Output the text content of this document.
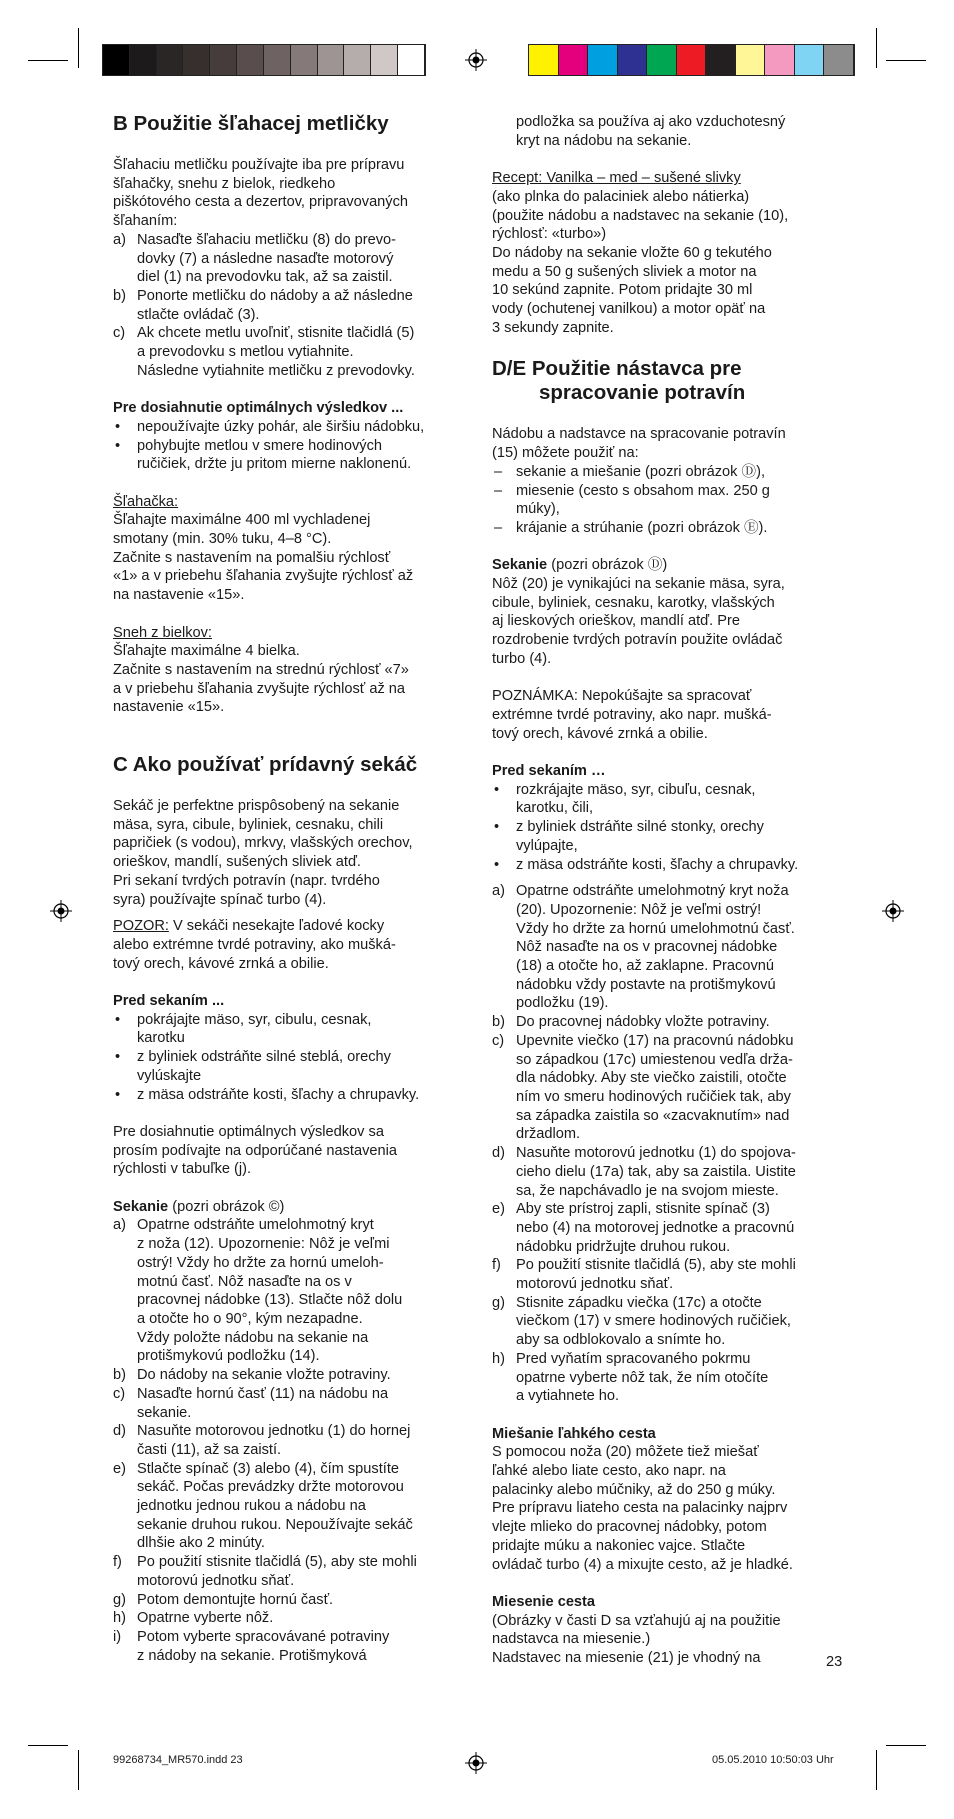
B Použitie šľahacej metličky

Šľahaciu metličku používajte iba pre prípravu

šľahačky, snehu z bielok, riedkeho

piškótového cesta a dezertov, pripravovaných

šľahaním:

a) Nasaďte šľahaciu metličku (8) do prevo-

dovky (7) a následne nasaďte motorový

diel (1) na prevodovku tak, až sa zaistil.

b) Ponorte metličku do nádoby a až následne

stlačte ovládač (3).

c) Ak chcete metlu uvoľniť, stisnite tlačidlá (5)

a prevodovku s metlou vytiahnite.

Následne vytiahnite metličku z prevodovky.

Pre dosiahnutie optimálnych výsledkov ...

• nepoužívajte úzky pohár, ale širšiu nádobku,

• pohybujte metlou v smere hodinových

ručičiek, držte ju pritom mierne naklonenú.

Šľahačka:

Šľahajte maximálne 400 ml vychladenej

smotany (min. 30% tuku, 4–8 °C).

Začnite s nastavením na pomalšiu rýchlosť

«1» a v priebehu šľahania zvyšujte rýchlosť až

na nastavenie «15».

Sneh z bielkov:

Šľahajte maximálne 4 bielka.

Začnite s nastavením na strednú rýchlosť «7»

a v priebehu šľahania zvyšujte rýchlosť až na

nastavenie «15».

C Ako používať prídavný sekáč

Sekáč je perfektne prispôsobený na sekanie

mäsa, syra, cibule, byliniek, cesnaku, chili

papričiek (s vodou), mrkvy, vlašských orechov,

orieškov, mandlí, sušených sliviek atď.

Pri sekaní tvrdých potravín (napr. tvrdého

syra) používajte spínač turbo (4).

POZOR: V sekáči nesekajte ľadové kocky

alebo extrémne tvrdé potraviny, ako mušká-

tový orech, kávové zrnká a obilie.

Pred sekaním ...

• pokrájajte mäso, syr, cibulu, cesnak,

karotku

• z byliniek odstráňte silné steblá, orechy

vylúskajte

• z mäsa odstráňte kosti, šľachy a chrupavky.

Pre dosiahnutie optimálnych výsledkov sa

prosím podívajte na odporúčané nastavenia

rýchlosti v tabuľke (j).

Sekanie (pozri obrázok ©)

a) Opatrne odstráňte umelohmotný kryt

z noža (12). Upozornenie: Nôž je veľmi

ostrý! Vždy ho držte za hornú umeloh-

motnú časť. Nôž nasaďte na os v

pracovnej nádobke (13). Stlačte nôž dolu

a otočte ho o 90°, kým nezapadne.

Vždy položte nádobu na sekanie na

protišmykovú podložku (14).

b) Do nádoby na sekanie vložte potraviny.

c) Nasaďte hornú časť (11) na nádobu na

sekanie.

d) Nasuňte motorovou jednotku (1) do hornej

časti (11), až sa zaistí.

e) Stlačte spínač (3) alebo (4), čím spustíte

sekáč. Počas prevádzky držte motorovou

jednotku jednou rukou a nádobu na

sekanie druhou rukou. Nepoužívajte sekáč

dlhšie ako 2 minúty.

f) Po použití stisnite tlačidlá (5), aby ste mohli

motorovú jednotku sňať.

g) Potom demontujte hornú časť.

h) Opatrne vyberte nôž.

i) Potom vyberte spracovávané potraviny

z nádoby na sekanie. Protišmyková

podložka sa používa aj ako vzduchotesný

kryt na nádobu na sekanie.

Recept: Vanilka – med – sušené slivky

(ako plnka do palaciniek alebo nátierka)

(použite nádobu a nadstavec na sekanie (10),

rýchlosť: «turbo»)

Do nádoby na sekanie vložte 60 g tekutého

medu a 50 g sušených sliviek a motor na

10 sekúnd zapnite. Potom pridajte 30 ml

vody (ochutenej vanilkou) a motor opäť na

3 sekundy zapnite.

D/E Použitie nástavca pre
spracovanie potravín

Nádobu a nadstavce na spracovanie potravín

(15) môžete použiť na:

– sekanie a miešanie (pozri obrázok Ⓓ),

– miesenie (cesto s obsahom max. 250 g

múky),

– krájanie a strúhanie (pozri obrázok Ⓔ).

Sekanie (pozri obrázok Ⓓ)

Nôž (20) je vynikajúci na sekanie mäsa, syra,

cibule, byliniek, cesnaku, karotky, vlašských

aj lieskových orieškov, mandlí atď. Pre

rozdrobenie tvrdých potravín použite ovládač

turbo (4).

POZNÁMKA: Nepokúšajte sa spracovať

extrémne tvrdé potraviny, ako napr. mušká-

tový orech, kávové zrnká a obilie.

Pred sekaním …

• rozkrájajte mäso, syr, cibuľu, cesnak,

karotku, čili,

• z byliniek dstráňte silné stonky, orechy

vylúpajte,

• z mäsa odstráňte kosti, šľachy a chrupavky.

a) Opatrne odstráňte umelohmotný kryt noža

(20). Upozornenie: Nôž je veľmi ostrý!

Vždy ho držte za hornú umelohmotnú časť.

Nôž nasaďte na os v pracovnej nádobke

(18) a otočte ho, až zaklapne. Pracovnú

nádobku vždy postavte na protišmykovú

podložku (19).

b) Do pracovnej nádobky vložte potraviny.

c) Upevnite viečko (17) na pracovnú nádobku

so západkou (17c) umiestenou vedľa drža-

dla nádobky. Aby ste viečko zaistili, otočte

ním vo smeru hodinových ručičiek tak, aby

sa západka zaistila so «zacvaknutím» nad

držadlom.

d) Nasuňte motorovú jednotku (1) do spojova-

cieho dielu (17a) tak, aby sa zaistila. Uistite

sa, že napchávadlo je na svojom mieste.

e) Aby ste prístroj zapli, stisnite spínač (3)

nebo (4) na motorovej jednotke a pracovnú

nádobku pridržujte druhou rukou.

f) Po použití stisnite tlačidlá (5), aby ste mohli

motorovú jednotku sňať.

g) Stisnite západku viečka (17c) a otočte

viečkom (17) v smere hodinových ručičiek,

aby sa odblokovalo a snímte ho.

h) Pred vyňatím spracovaného pokrmu

opatrne vyberte nôž tak, že ním otočíte

a vytiahnete ho.

Miešanie ľahkého cesta

S pomocou noža (20) môžete tiež miešať

ľahké alebo liate cesto, ako napr. na

palacinky alebo múčniky, až do 250 g múky.

Pre prípravu liateho cesta na palacinky najprv

vlejte mlieko do pracovnej nádobky, potom

pridajte múku a nakoniec vajce. Stlačte

ovládač turbo (4) a mixujte cesto, až je hladké.

Miesenie cesta

(Obrázky v časti D sa vzťahujú aj na použitie

nadstavca na miesenie.)

Nadstavec na miesenie (21) je vhodný na	23
99268734_MR570.indd 23	05.05.2010 10:50:03 Uhr
